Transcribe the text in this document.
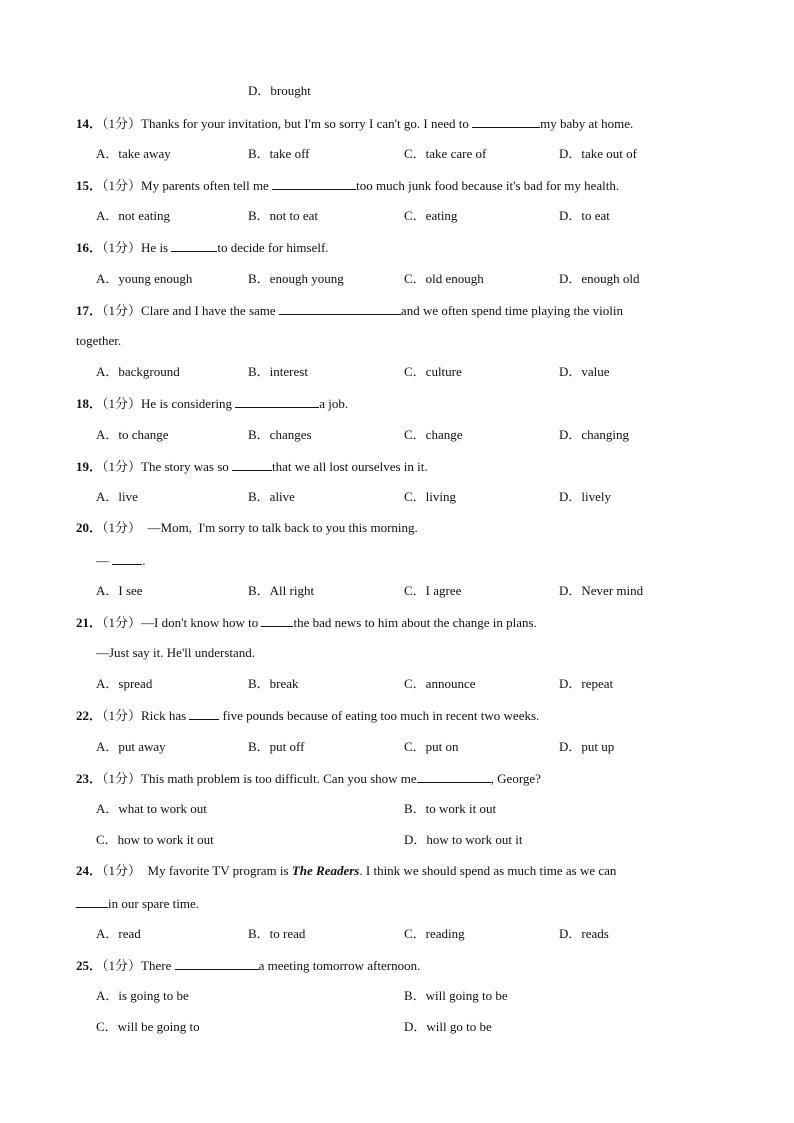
D．brought
14．（1分）Thanks for your invitation, but I'm so sorry I can't go. I need to	my baby at home.
A．take away	B．take off	C．take care of	D．take out of
15．（1分）My parents often tell me	too much junk food because it's bad for my health.
A．not eating	B．not to eat	C．eating	D．to eat
16．（1分）He is	to decide for himself.
A．young enough	B．enough young	C．old enough	D．enough old
17．（1分）Clare and I have the same	and we often spend time playing the violin
together.
A．background	B．interest	C．culture	D．value
18．（1分）He is considering	a job.
A．to change	B．changes	C．change	D．changing
19．（1分）The story was so	that we all lost ourselves in it.
A．live	B．alive	C．living	D．lively
20．（1分）  —Mom,  I'm sorry to talk back to you this morning.
— .
A．I see	B．All right	C．I agree	D．Never mind
21．（1分）—I don't know how to the bad news to him about the change in plans.
—Just say it. He'll understand.
A．spread	B．break	C．announce	D．repeat
22．（1分）Rick has  five pounds because of eating too much in recent two weeks.
A．put away	B．put off	C．put on	D．put up
23．（1分）This math problem is too difficult. Can you show me	, George?
A．what to work out	B．to work it out
C．how to work it out	D．how to work out it
24．（1分）  My favorite TV program is The Readers. I think we should spend as much time as we can
in our spare time.
A．read	B．to read	C．reading	D．reads
25．（1分）There	a meeting tomorrow afternoon.
A．is going to be	B．will going to be
C．will be going to	D．will go to be
